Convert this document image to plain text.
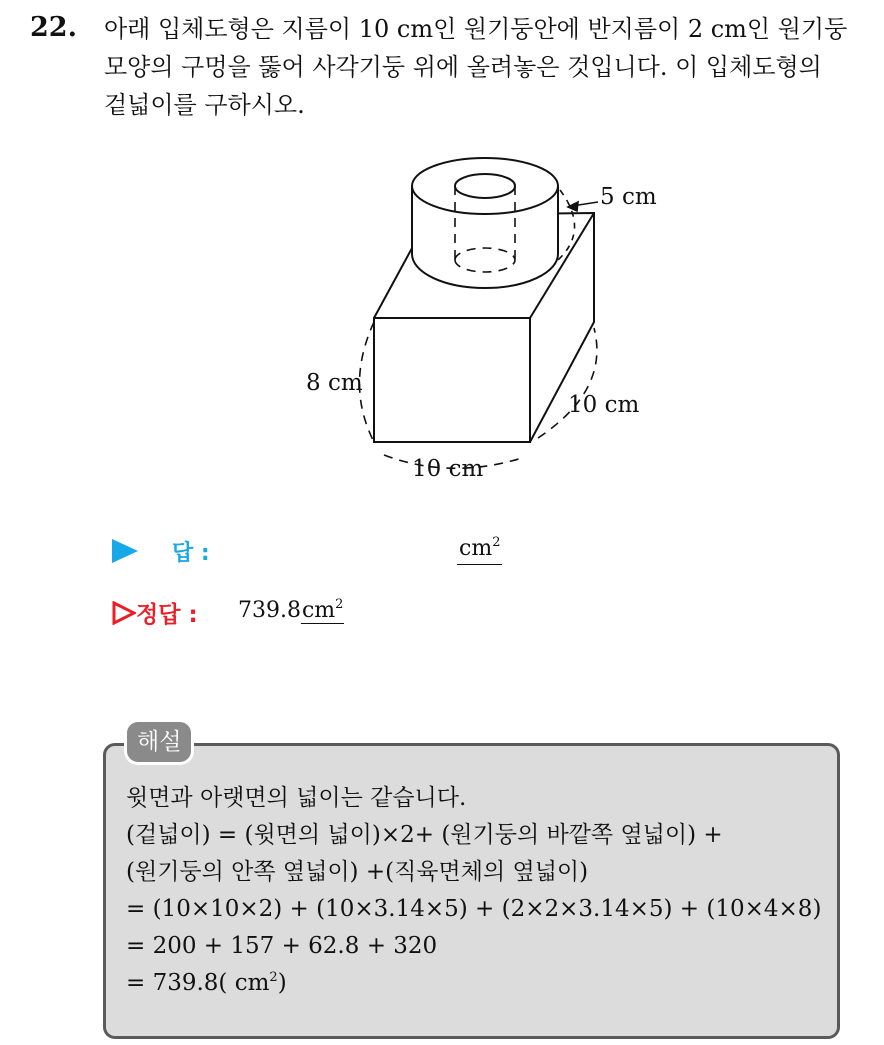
22. 아래 입체도형은 지름이 10 cm인 원기둥안에 반지름이 2 cm인 원기둥
모양의 구멍을 뚫어 사각기둥 위에 올려놓은 것입니다. 이 입체도형의
겉넓이를 구하시오.
5 cm
8 cm
10 cm
10 cm
답 :	$cm^2$
정답 : $739.8cm^2$
해설
윗면과 아랫면의 넓이는 같습니다.
(겉넓이) = (윗면의 넓이)×2+ (원기둥의 바깥쪽 옆넓이) +
(원기둥의 안쪽 옆넓이) +(직육면체의 옆넓이)
= (10×10×2) + (10×3.14×5) + (2×2×3.14×5) + (10×4×8)
= 200 + 157 + 62.8 + 320
= 739.8( $cm^2$)
